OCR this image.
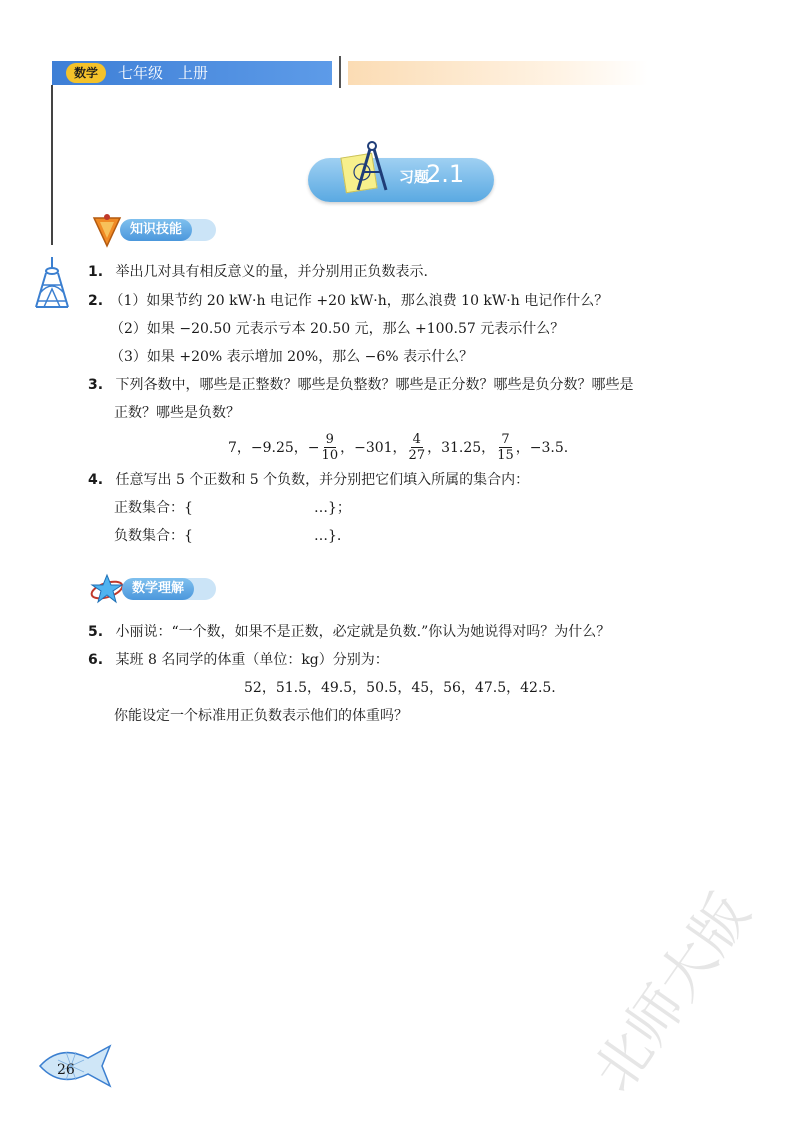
数学	七年级　上册
习题
2.1
知识技能
1. 举出几对具有相反意义的量，并分别用正负数表示.
2. （1）如果节约 20 kW·h 电记作 +20 kW·h，那么浪费 10 kW·h 电记作什么？
（2）如果 −20.50 元表示亏本 20.50 元，那么 +100.57 元表示什么？
（3）如果 +20% 表示增加 20%，那么 −6% 表示什么？
3. 下列各数中，哪些是正整数？哪些是负整数？哪些是正分数？哪些是负分数？哪些是
正数？哪些是负数？
7，−9.25，− $\frac{9}{10}$ ，−301， $\frac{4}{27}$ ，31.25， $\frac{7}{15}$ ，−3.5.
4. 任意写出 5 个正数和 5 个负数，并分别把它们填入所属的集合内：
正数集合：{	…}；
负数集合：{	…}.
数学理解
5. 小丽说：“一个数，如果不是正数，必定就是负数.”你认为她说得对吗？为什么？
6. 某班 8 名同学的体重（单位：kg）分别为：
52，51.5，49.5，50.5，45，56，47.5，42.5.
你能设定一个标准用正负数表示他们的体重吗？
26	北师大版
